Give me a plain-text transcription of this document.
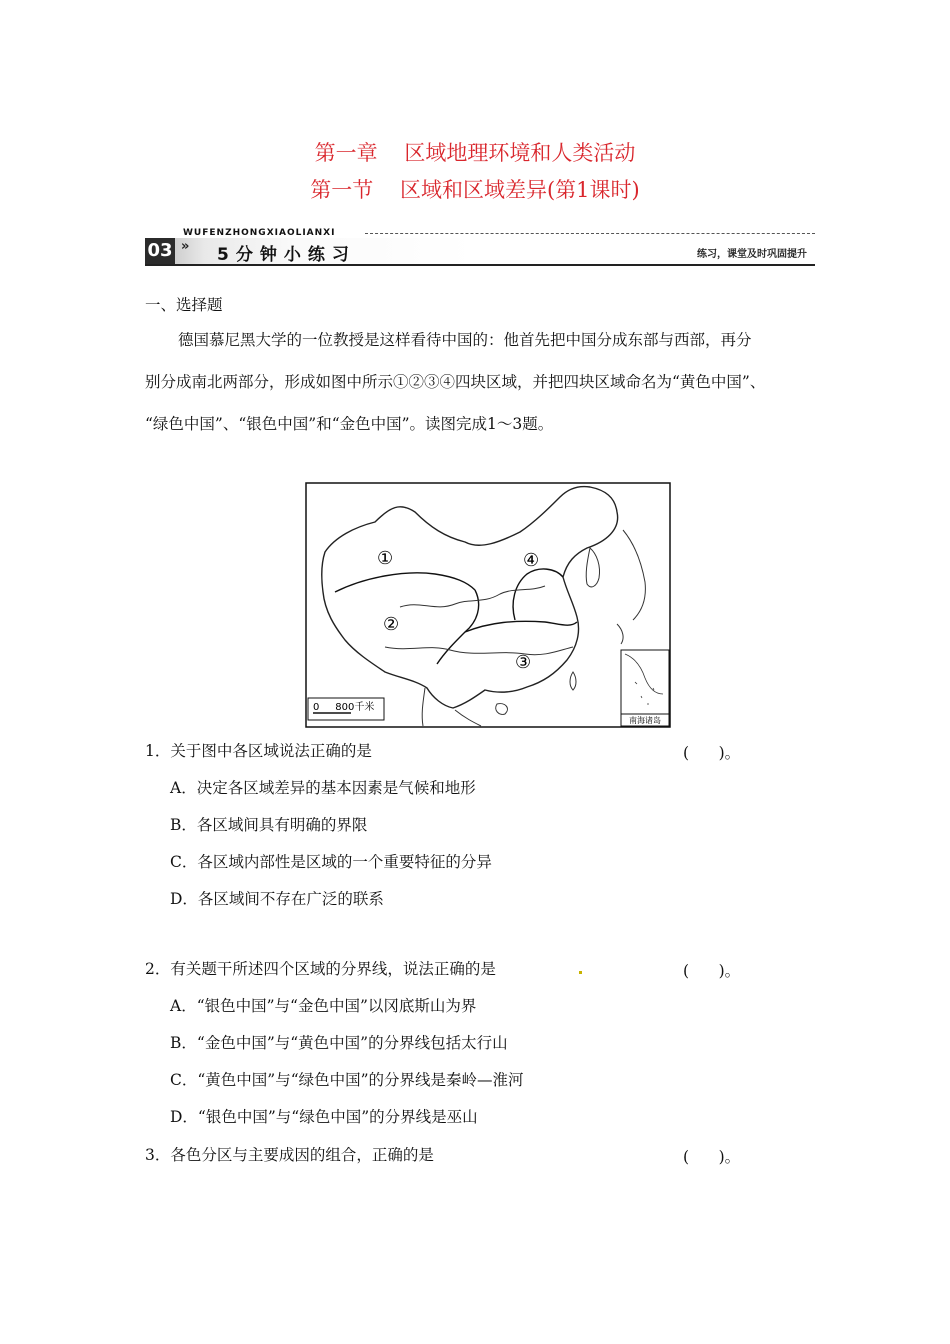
第一章    区域地理环境和人类活动
第一节    区域和区域差异(第1课时)
WUFENZHONGXIAOLIANXI
03 » 5分钟小练习	练习，课堂及时巩固提升
一、选择题
德国慕尼黑大学的一位教授是这样看待中国的：他首先把中国分成东部与西部，再分
别分成南北两部分，形成如图中所示①②③④四块区域，并把四块区域命名为“黄色中国”、
“绿色中国”、“银色中国”和“金色中国”。读图完成1～3题。
①
②
③
④
0     800千米
南海诸岛
1．关于图中各区域说法正确的是	(      )。
A．决定各区域差异的基本因素是气候和地形
B．各区域间具有明确的界限
C．各区域内部性是区域的一个重要特征的分异
D．各区域间不存在广泛的联系
2．有关题干所述四个区域的分界线，说法正确的是	(      )。
A．“银色中国”与“金色中国”以冈底斯山为界
B．“金色中国”与“黄色中国”的分界线包括太行山
C．“黄色中国”与“绿色中国”的分界线是秦岭—淮河
D．“银色中国”与“绿色中国”的分界线是巫山
3．各色分区与主要成因的组合，正确的是	(      )。
